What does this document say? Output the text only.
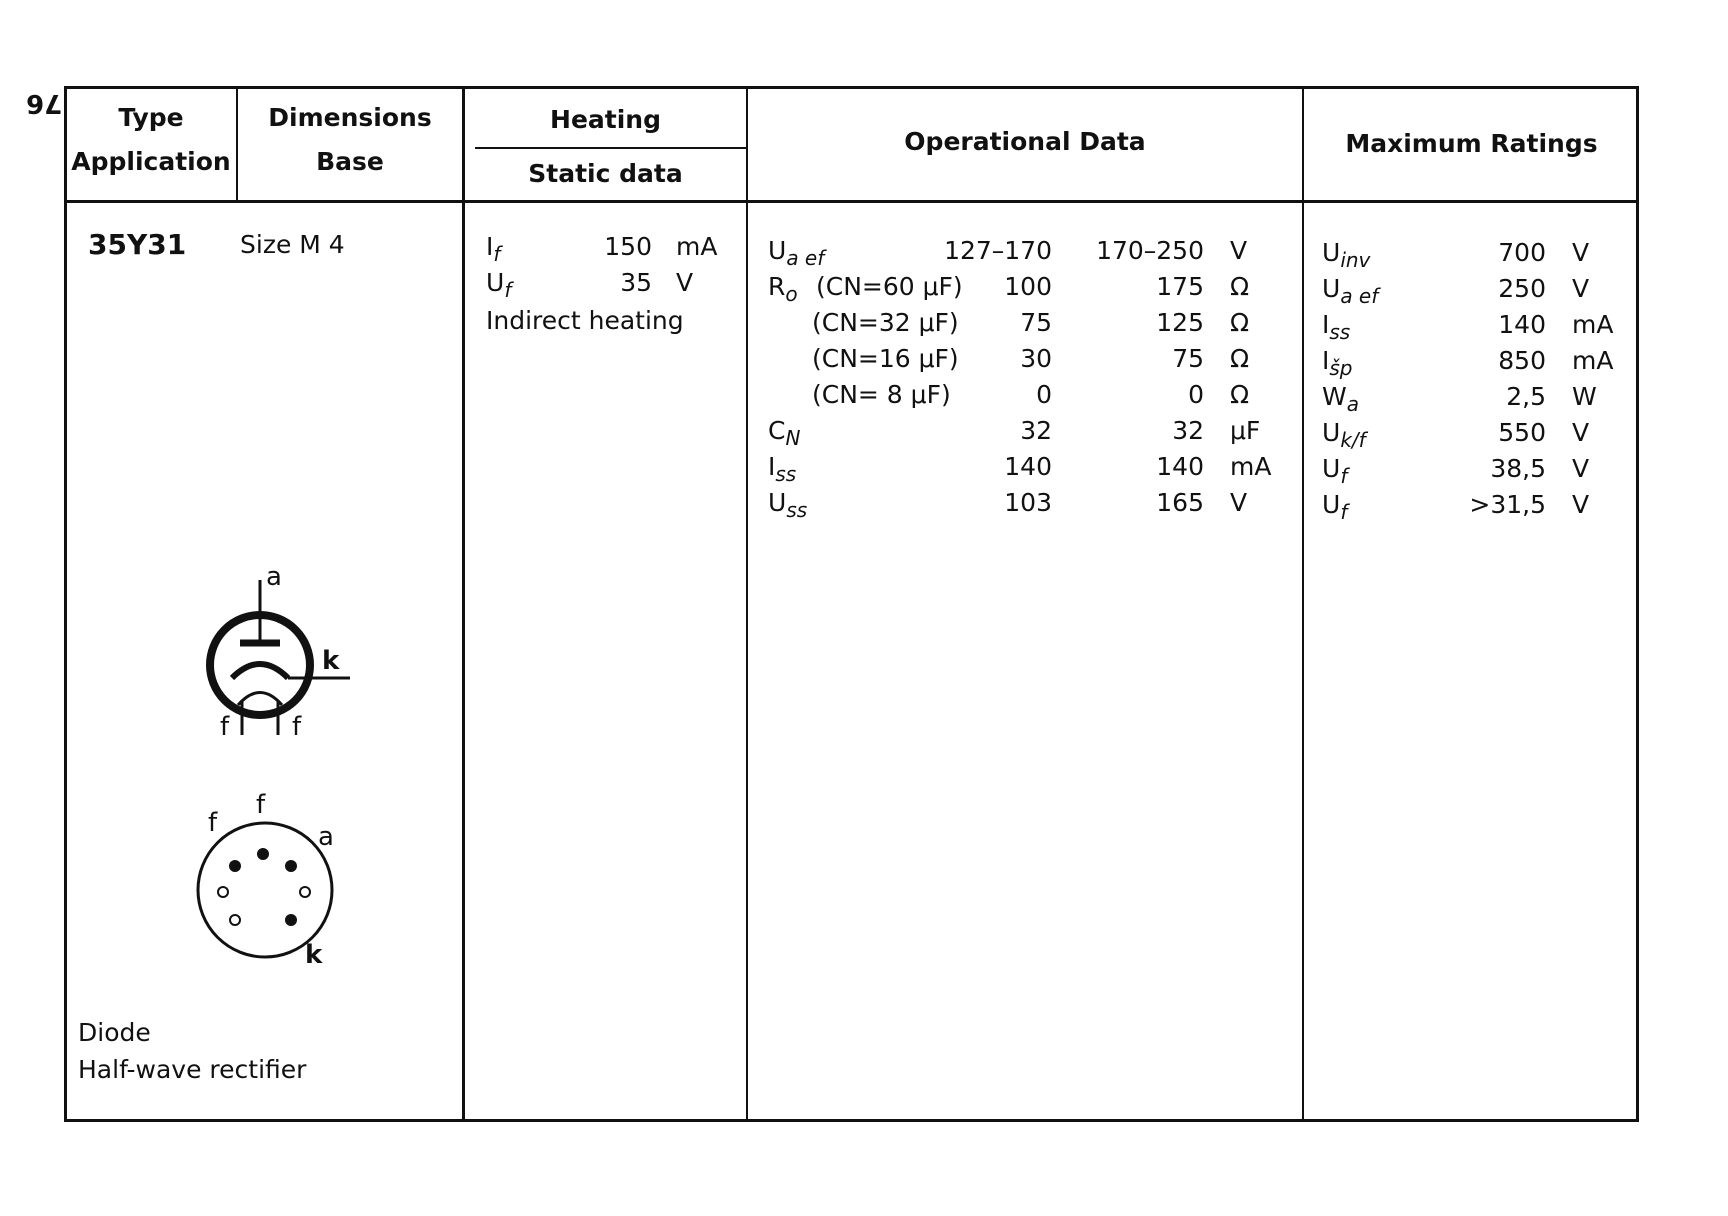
76	Type
Application
Dimensions
Base
Heating
Static data
Operational Data	Maximum Ratings
35Y31 Size M 4
Diode
Half-wave rectifier
a
k
f f
f
f
a
k
$I_f$	150 mA
$U_f$	35 V
Indirect heating
$U_{a ef}$	127–170	170–250 V
$R_o$ (CN=60 μF)	100	175 Ω
(CN=32 μF)	75	125 Ω
(CN=16 μF)	30	75 Ω
(CN= 8 μF)	0	0 Ω
$C_N$	32	32 μF
$I_{ss}$	140	140 mA
$U_{ss}$	103	165 V
$U_{inv}$	700 V
$U_{a ef}$	250 V
$I_{ss}$	140 mA
$I_{šp}$	850 mA
$W_a$	2,5 W
$U_{k/f}$	550 V
$U_f$	38,5 V
$U_f$	>31,5 V
